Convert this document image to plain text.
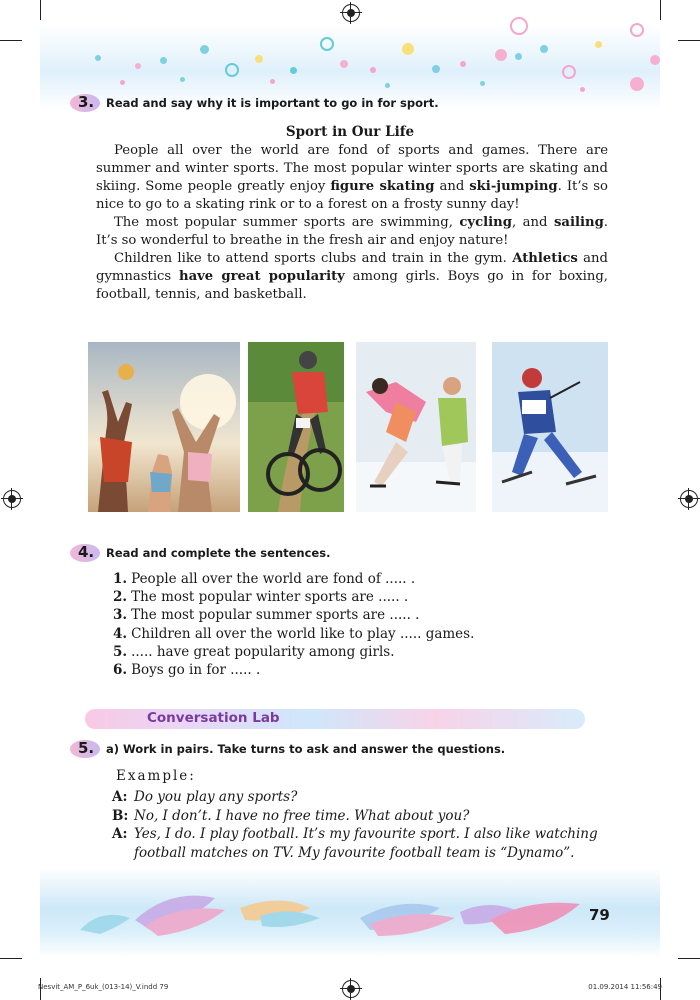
3. Read and say why it is important to go in for sport.
Sport in Our Life

People all over the world are fond of sports and games. There are summer and winter sports. The most popular winter sports are skating and skiing. Some people greatly enjoy figure skating and ski-jumping. It’s so nice to go to a skating rink or to a forest on a frosty sunny day!

The most popular summer sports are swimming, cycling, and sailing. It’s so wonderful to breathe in the fresh air and enjoy nature!

Children like to attend sports clubs and train in the gym. Athletics and gymnastics have great popularity among girls. Boys go in for boxing, football, tennis, and basketball.

4. Read and complete the sentences.
1. People all over the world are fond of ..... .
2. The most popular winter sports are ..... .
3. The most popular summer sports are ..... .
4. Children all over the world like to play ..... games.
5. ..... have great popularity among girls.
6. Boys go in for ..... .
Conversation Lab
5. a) Work in pairs. Take turns to ask and answer the questions.
Example:
A: Do you play any sports?
B: No, I don’t. I have no free time. What about you?
A: Yes, I do. I play football. It’s my favourite sport. I also like watching football matches on TV. My favourite football team is “Dynamo”.
79
Nesvit_AM_P_6uk_(013-14)_V.indd 79	01.09.2014 11:56:49
